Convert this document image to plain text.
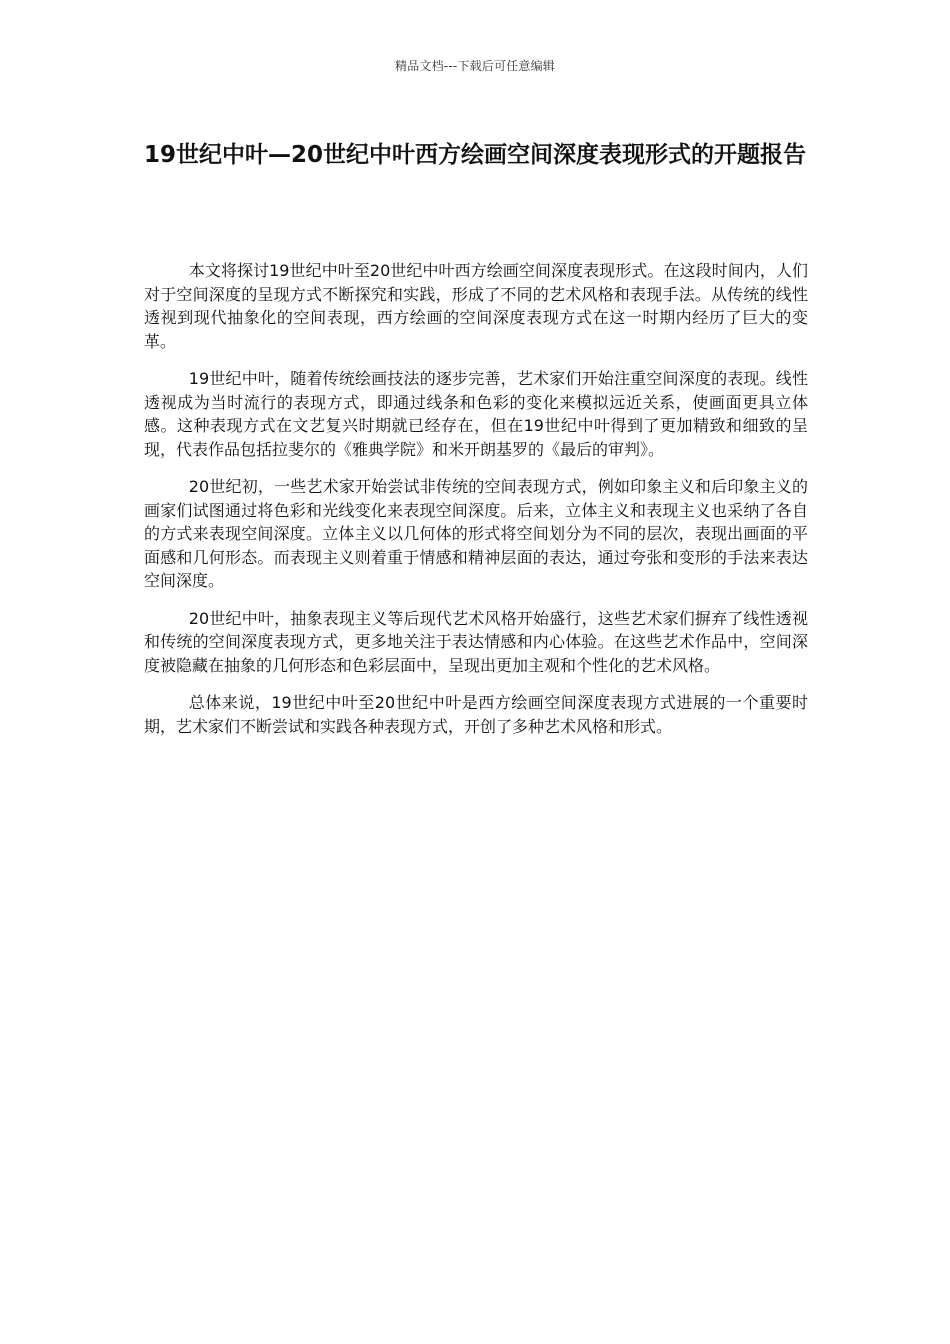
精品文档---下载后可任意编辑
19世纪中叶—20世纪中叶西方绘画空间深度表现形式的开题报告

本文将探讨19世纪中叶至20世纪中叶西方绘画空间深度表现形式。在这段时间内，人们对于空间深度的呈现方式不断探究和实践，形成了不同的艺术风格和表现手法。从传统的线性透视到现代抽象化的空间表现，西方绘画的空间深度表现方式在这一时期内经历了巨大的变革。

19世纪中叶，随着传统绘画技法的逐步完善，艺术家们开始注重空间深度的表现。线性透视成为当时流行的表现方式，即通过线条和色彩的变化来模拟远近关系，使画面更具立体感。这种表现方式在文艺复兴时期就已经存在，但在19世纪中叶得到了更加精致和细致的呈现，代表作品包括拉斐尔的《雅典学院》和米开朗基罗的《最后的审判》。

20世纪初，一些艺术家开始尝试非传统的空间表现方式，例如印象主义和后印象主义的画家们试图通过将色彩和光线变化来表现空间深度。后来，立体主义和表现主义也采纳了各自的方式来表现空间深度。立体主义以几何体的形式将空间划分为不同的层次，表现出画面的平面感和几何形态。而表现主义则着重于情感和精神层面的表达，通过夸张和变形的手法来表达空间深度。

20世纪中叶，抽象表现主义等后现代艺术风格开始盛行，这些艺术家们摒弃了线性透视和传统的空间深度表现方式，更多地关注于表达情感和内心体验。在这些艺术作品中，空间深度被隐藏在抽象的几何形态和色彩层面中，呈现出更加主观和个性化的艺术风格。

总体来说，19世纪中叶至20世纪中叶是西方绘画空间深度表现方式进展的一个重要时期，艺术家们不断尝试和实践各种表现方式，开创了多种艺术风格和形式。
